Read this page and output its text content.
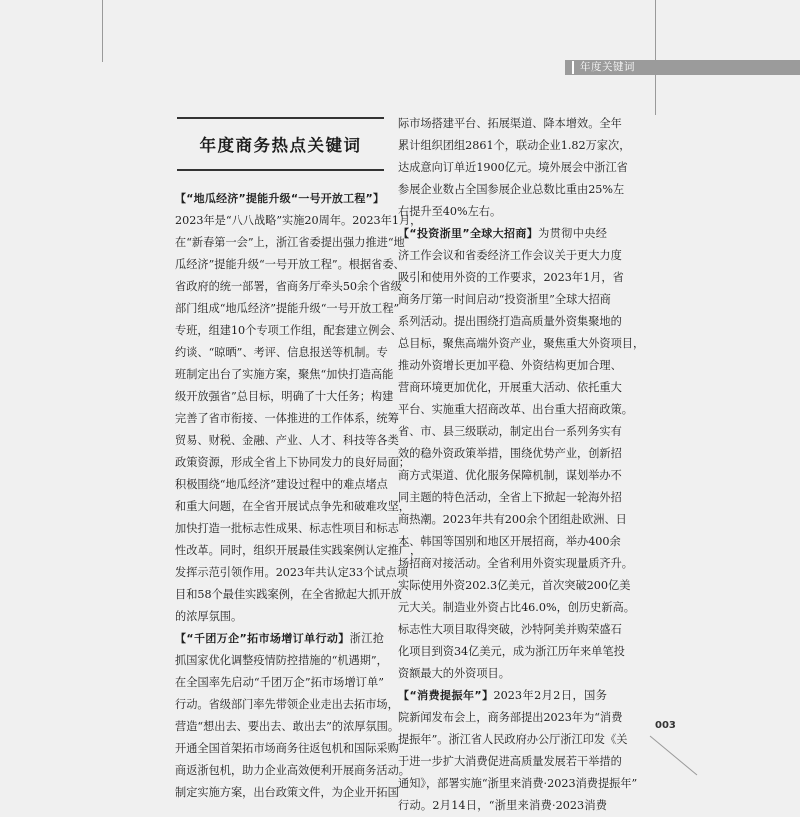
年度关键词
年度商务热点关键词
【“地瓜经济”提能升级“一号开放工程”】
2023年是“八八战略”实施20周年。2023年1月，
在“新春第一会”上，浙江省委提出强力推进“地
瓜经济”提能升级“一号开放工程”。根据省委、
省政府的统一部署，省商务厅牵头50余个省级
部门组成“地瓜经济”提能升级“一号开放工程”
专班，组建10个专项工作组，配套建立例会、
约谈、“晾晒”、考评、信息报送等机制。专
班制定出台了实施方案，聚焦“加快打造高能
级开放强省”总目标，明确了十大任务；构建
完善了省市衔接、一体推进的工作体系，统筹
贸易、财税、金融、产业、人才、科技等各类
政策资源，形成全省上下协同发力的良好局面；
积极围绕“地瓜经济”建设过程中的难点堵点
和重大问题，在全省开展试点争先和破难攻坚，
加快打造一批标志性成果、标志性项目和标志
性改革。同时，组织开展最佳实践案例认定推广，
发挥示范引领作用。2023年共认定33个试点项
目和58个最佳实践案例，在全省掀起大抓开放
的浓厚氛围。
【“千团万企”拓市场增订单行动】浙江抢
抓国家优化调整疫情防控措施的“机遇期”，
在全国率先启动“千团万企”拓市场增订单”
行动。省级部门率先带领企业走出去拓市场，
营造“想出去、要出去、敢出去”的浓厚氛围。
开通全国首架拓市场商务往返包机和国际采购
商返浙包机，助力企业高效便利开展商务活动。
制定实施方案，出台政策文件，为企业开拓国
际市场搭建平台、拓展渠道、降本增效。全年
累计组织团组2861个，联动企业1.82万家次，
达成意向订单近1900亿元。境外展会中浙江省
参展企业数占全国参展企业总数比重由25%左
右提升至40%左右。
【“投资浙里”全球大招商】为贯彻中央经
济工作会议和省委经济工作会议关于更大力度
吸引和使用外资的工作要求，2023年1月，省
商务厅第一时间启动“投资浙里”全球大招商
系列活动。提出围绕打造高质量外资集聚地的
总目标，聚焦高端外资产业，聚焦重大外资项目，
推动外资增长更加平稳、外资结构更加合理、
营商环境更加优化，开展重大活动、依托重大
平台、实施重大招商改革、出台重大招商政策。
省、市、县三级联动，制定出台一系列务实有
效的稳外资政策举措，围绕优势产业，创新招
商方式渠道、优化服务保障机制，谋划举办不
同主题的特色活动，全省上下掀起一轮海外招
商热潮。2023年共有200余个团组赴欧洲、日
本、韩国等国别和地区开展招商，举办400余
场招商对接活动。全省利用外资实现量质齐升。
实际使用外资202.3亿美元，首次突破200亿美
元大关。制造业外资占比46.0%，创历史新高。
标志性大项目取得突破，沙特阿美并购荣盛石
化项目到资34亿美元，成为浙江历年来单笔投
资额最大的外资项目。
【“消费提振年”】2023年2月2日，国务
院新闻发布会上，商务部提出2023年为“消费
提振年”。浙江省人民政府办公厅浙江印发《关
于进一步扩大消费促进高质量发展若干举措的
通知》，部署实施“浙里来消费·2023消费提振年”
行动。2月14日，“浙里来消费·2023消费
003
